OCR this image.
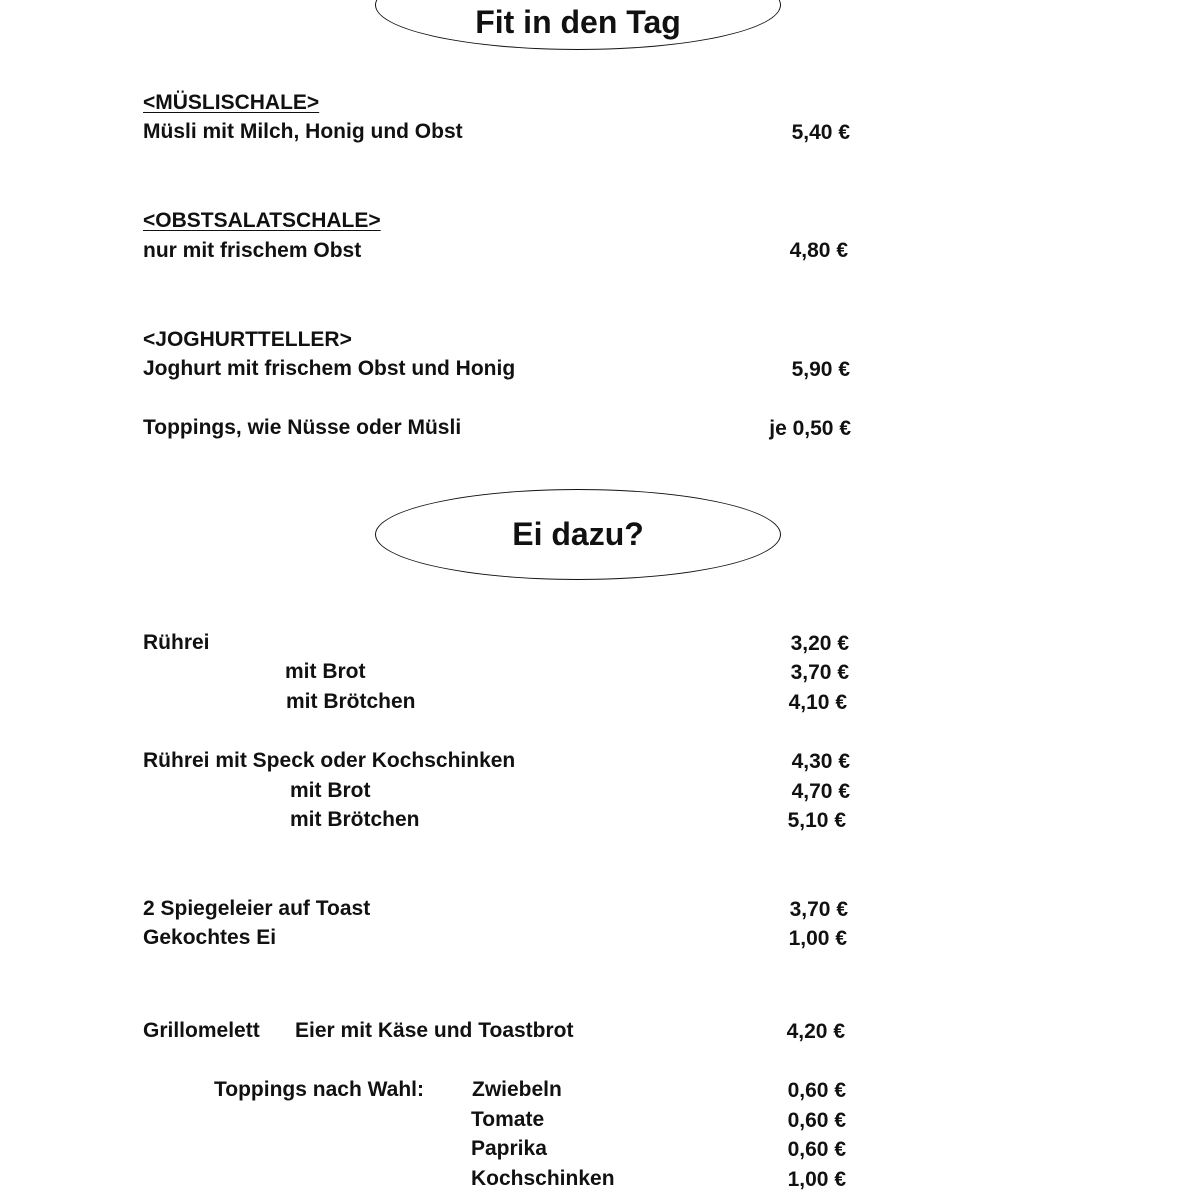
Fit in den Tag
<MÜSLISCHALE>
Müsli mit Milch, Honig und Obst	5,40 €
<OBSTSALATSCHALE>
nur mit frischem Obst	4,80 €
<JOGHURTTELLER>
Joghurt mit frischem Obst und Honig	5,90 €
Toppings, wie Nüsse oder Müsli	je 0,50 €
Ei dazu?
Rührei	3,20 €
mit Brot	3,70 €
mit Brötchen	4,10 €
Rührei mit Speck oder Kochschinken	4,30 €
mit Brot	4,70 €
mit Brötchen	5,10 €
2 Spiegeleier auf Toast	3,70 €
Gekochtes Ei	1,00 €
Grillomelett Eier mit Käse und Toastbrot	4,20 €
Toppings nach Wahl: Zwiebeln	0,60 €
Tomate	0,60 €
Paprika	0,60 €
Kochschinken	1,00 €
